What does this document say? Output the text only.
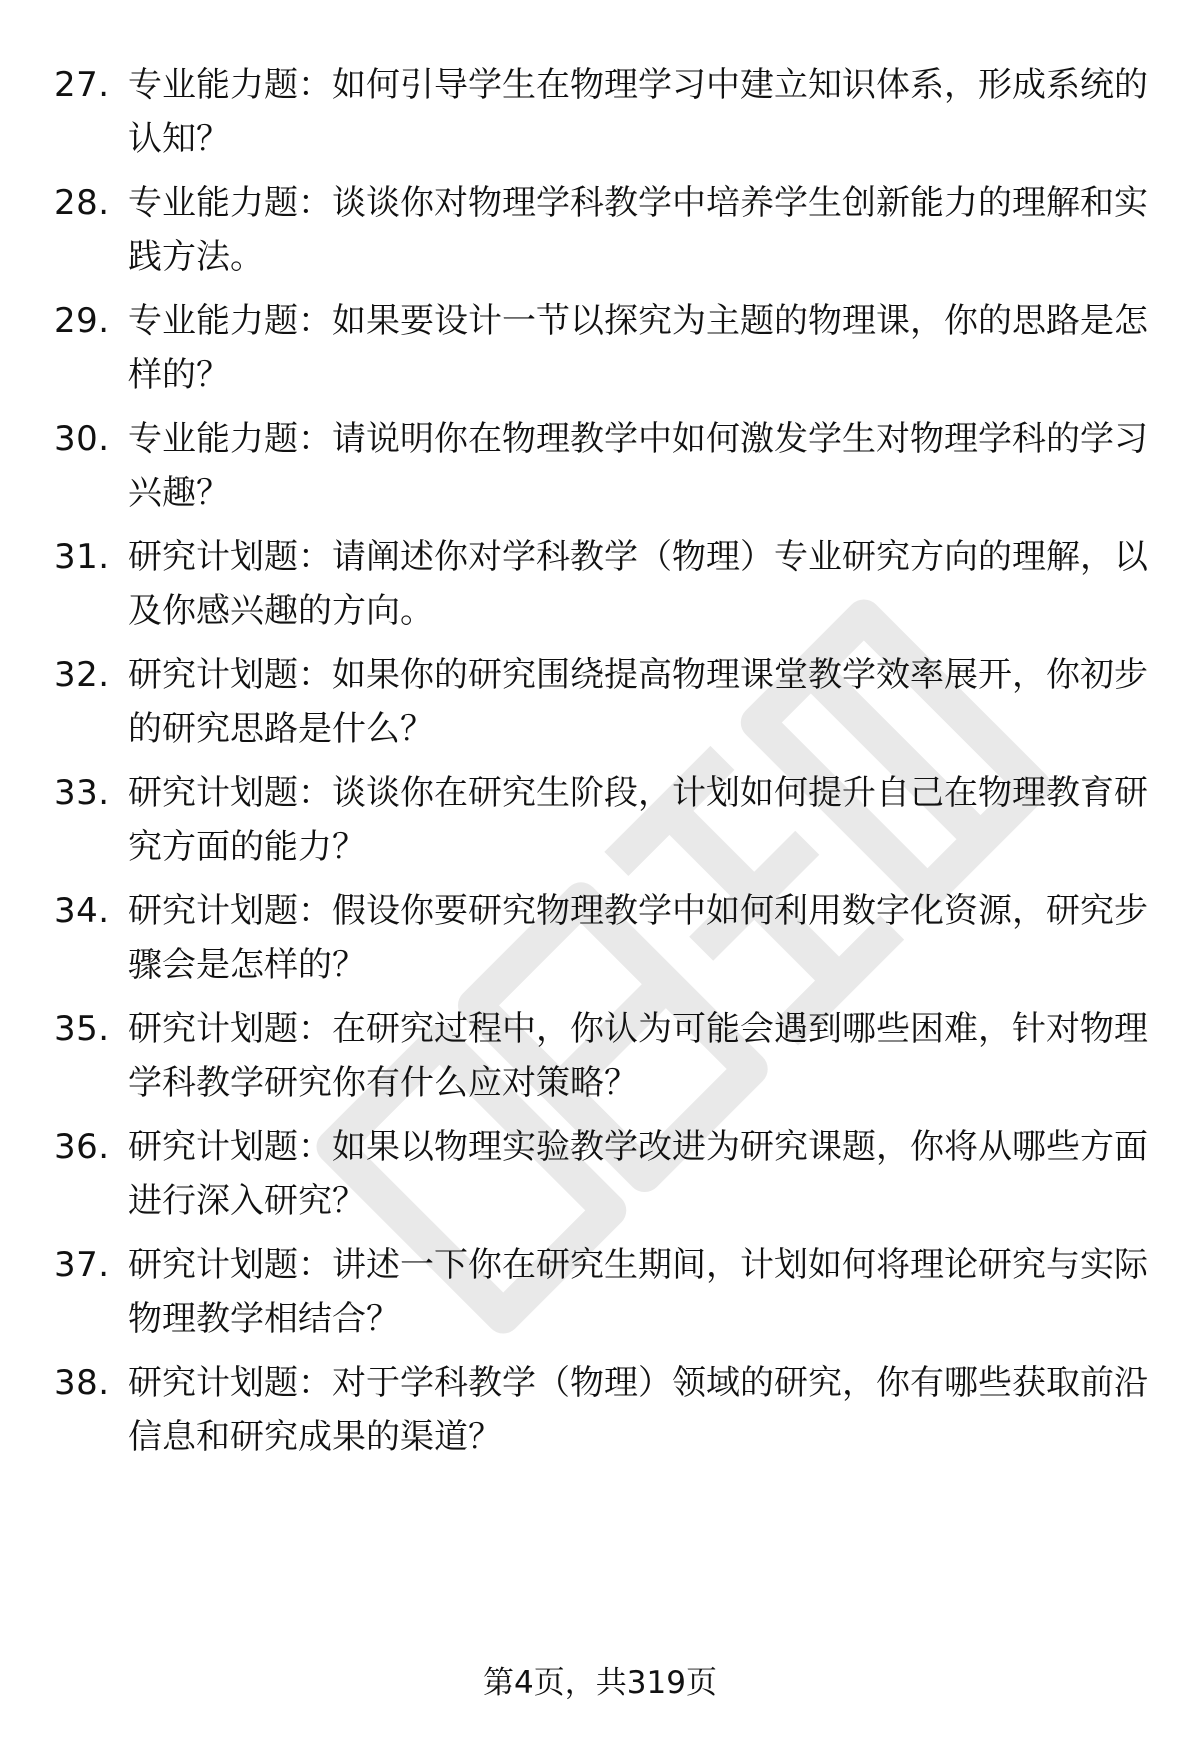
27. 专业能力题：如何引导学生在物理学习中建立知识体系，形成系统的认知？
28. 专业能力题：谈谈你对物理学科教学中培养学生创新能力的理解和实践方法。
29. 专业能力题：如果要设计一节以探究为主题的物理课，你的思路是怎样的？
30. 专业能力题：请说明你在物理教学中如何激发学生对物理学科的学习兴趣？
31. 研究计划题：请阐述你对学科教学（物理）专业研究方向的理解，以及你感兴趣的方向。
32. 研究计划题：如果你的研究围绕提高物理课堂教学效率展开，你初步的研究思路是什么？
33. 研究计划题：谈谈你在研究生阶段，计划如何提升自己在物理教育研究方面的能力？
34. 研究计划题：假设你要研究物理教学中如何利用数字化资源，研究步骤会是怎样的？
35. 研究计划题：在研究过程中，你认为可能会遇到哪些困难，针对物理学科教学研究你有什么应对策略？
36. 研究计划题：如果以物理实验教学改进为研究课题，你将从哪些方面进行深入研究？
37. 研究计划题：讲述一下你在研究生期间，计划如何将理论研究与实际物理教学相结合？
38. 研究计划题：对于学科教学（物理）领域的研究，你有哪些获取前沿信息和研究成果的渠道？
第4页，共319页
